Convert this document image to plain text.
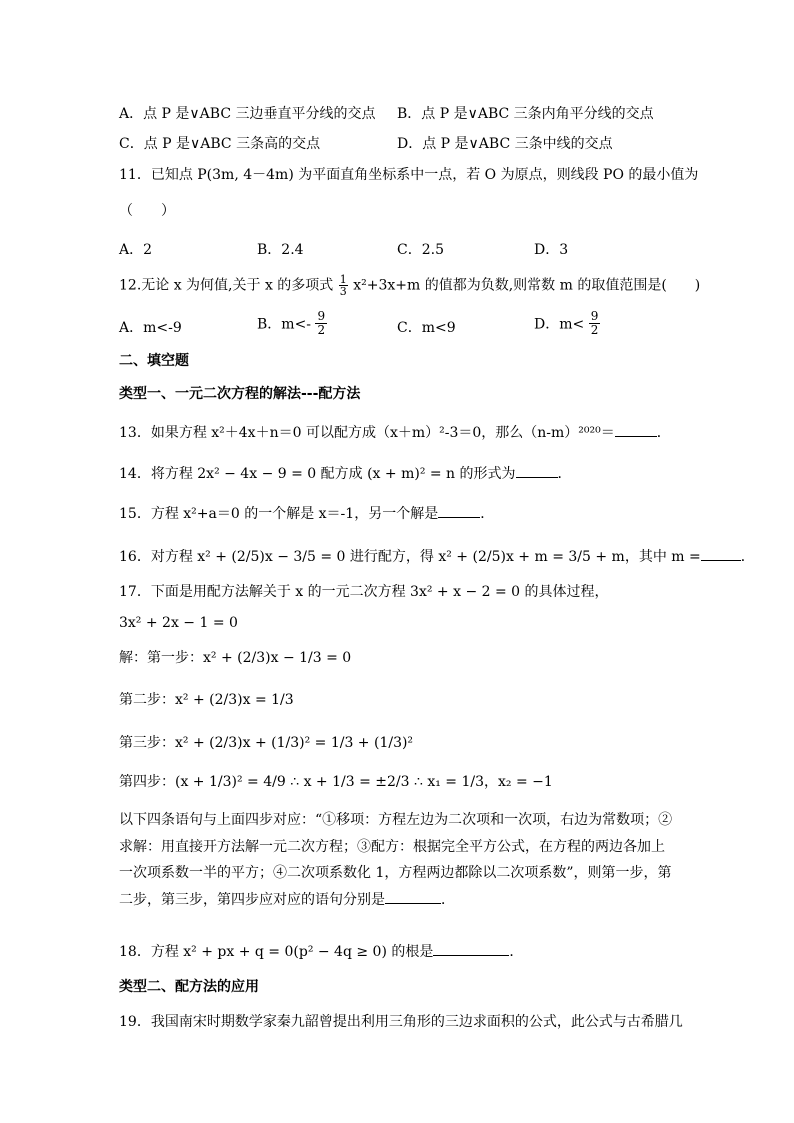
A．点 P 是∨ABC 三边垂直平分线的交点 B．点 P 是∨ABC 三条内角平分线的交点
C．点 P 是∨ABC 三条高的交点	D．点 P 是∨ABC 三条中线的交点
11．已知点 P(3m, 4－4m) 为平面直角坐标系中一点，若 O 为原点，则线段 PO 的最小值为
（　　）
A．2	B．2.4	C．2.5	D．3
12.无论 x 为何值,关于 x 的多项式 $\frac{1}{3} x^2+3x+m$ 的值都为负数,则常数 m 的取值范围是(　　)
A．m<-9	B．$m<- \frac{9}{2}$	C．m<9	D．$m< \frac{9}{2}$
二、填空题
类型一、一元二次方程的解法---配方法
13．如果方程 x²＋4x＋n＝0 可以配方成（x＋m）²-3＝0，那么（n-m）²⁰²⁰＝	．
14．将方程 2x² − 4x − 9 = 0 配方成 (x + m)² = n 的形式为	．
15．方程 x²+a＝0 的一个解是 x＝-1，另一个解是	．
16．对方程 x² + (2/5)x − 3/5 = 0 进行配方，得 x² + (2/5)x + m = 3/5 + m，其中 m =	．
17．下面是用配方法解关于 x 的一元二次方程 3x² + x − 2 = 0 的具体过程，
3x² + 2x − 1 = 0
解：第一步：x² + (2/3)x − 1/3 = 0
第二步：x² + (2/3)x = 1/3
第三步：x² + (2/3)x + (1/3)² = 1/3 + (1/3)²
第四步：(x + 1/3)² = 4/9 ∴ x + 1/3 = ±2/3 ∴ x₁ = 1/3，x₂ = −1
以下四条语句与上面四步对应：“①移项：方程左边为二次项和一次项，右边为常数项；②
求解：用直接开方法解一元二次方程；③配方：根据完全平方公式，在方程的两边各加上
一次项系数一半的平方；④二次项系数化 1，方程两边都除以二次项系数”，则第一步，第
二步，第三步，第四步应对应的语句分别是	．
18．方程 x² + px + q = 0(p² − 4q ≥ 0) 的根是	．
类型二、配方法的应用
19．我国南宋时期数学家秦九韶曾提出利用三角形的三边求面积的公式，此公式与古希腊几
